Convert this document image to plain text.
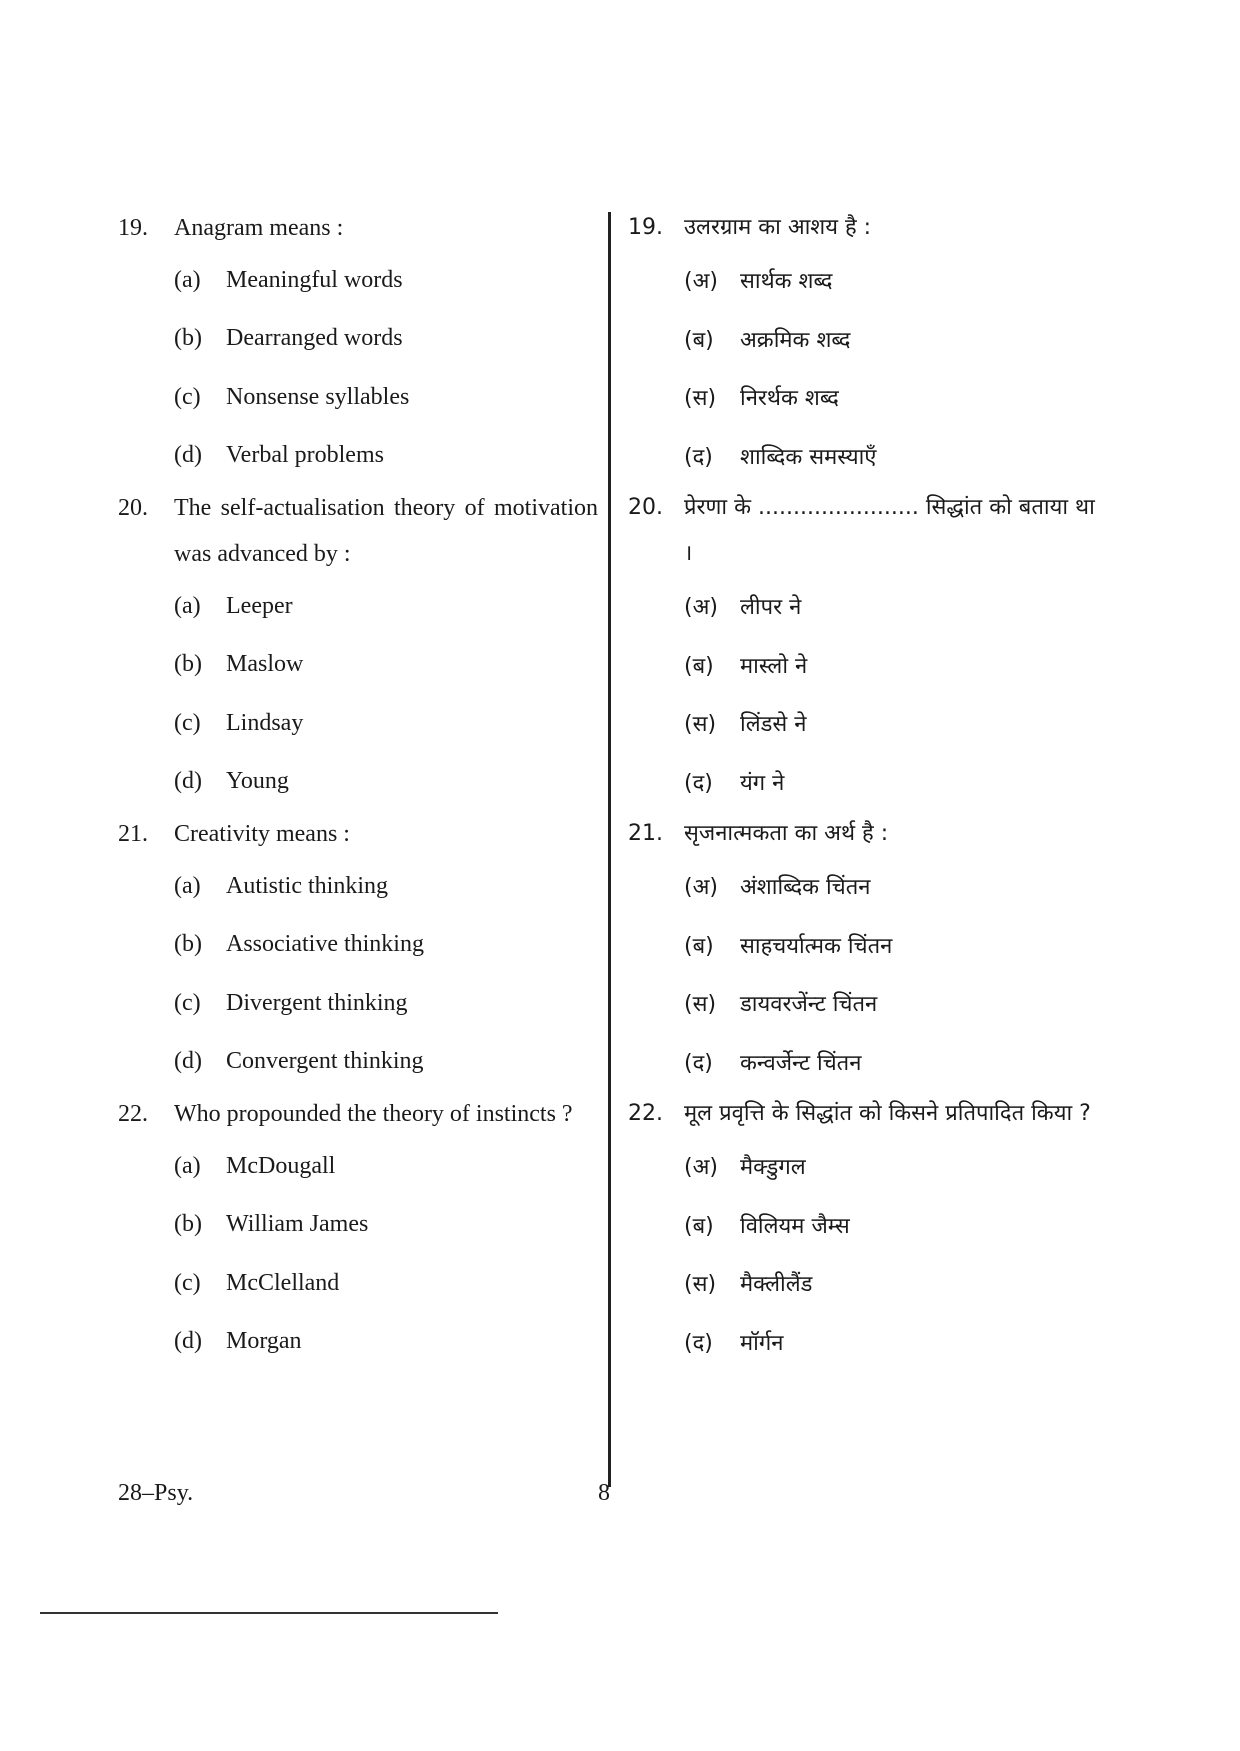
19.	Anagram means :
(a)	Meaningful words
(b)	Dearranged words
(c)	Nonsense syllables
(d)	Verbal problems
20.	The self-actualisation theory of motivation was advanced by :
(a)	Leeper
(b)	Maslow
(c)	Lindsay
(d)	Young
21.	Creativity means :
(a)	Autistic thinking
(b)	Associative thinking
(c)	Divergent thinking
(d)	Convergent thinking
22.	Who propounded the theory of instincts ?
(a)	McDougall
(b)	William James
(c)	McClelland
(d)	Morgan
19. उलरग्राम का आशय है :
(अ)	सार्थक शब्द
(ब)	अक्रमिक शब्द
(स)	निरर्थक शब्द
(द)	शाब्दिक समस्याएँ
20. प्रेरणा के ....................... सिद्धांत को बताया था ।
(अ)	लीपर ने
(ब)	मास्लो ने
(स)	लिंडसे ने
(द)	यंग ने
21. सृजनात्मकता का अर्थ है :
(अ)	अंशाब्दिक चिंतन
(ब)	साहचर्यात्मक चिंतन
(स)	डायवरजेंन्ट चिंतन
(द)	कन्वर्जेन्ट चिंतन
22. मूल प्रवृत्ति के सिद्धांत को किसने प्रतिपादित किया ?
(अ)	मैक्डुगल
(ब)	विलियम जैम्स
(स)	मैक्लीलैंड
(द)	मॉर्गन
28–Psy.	8
